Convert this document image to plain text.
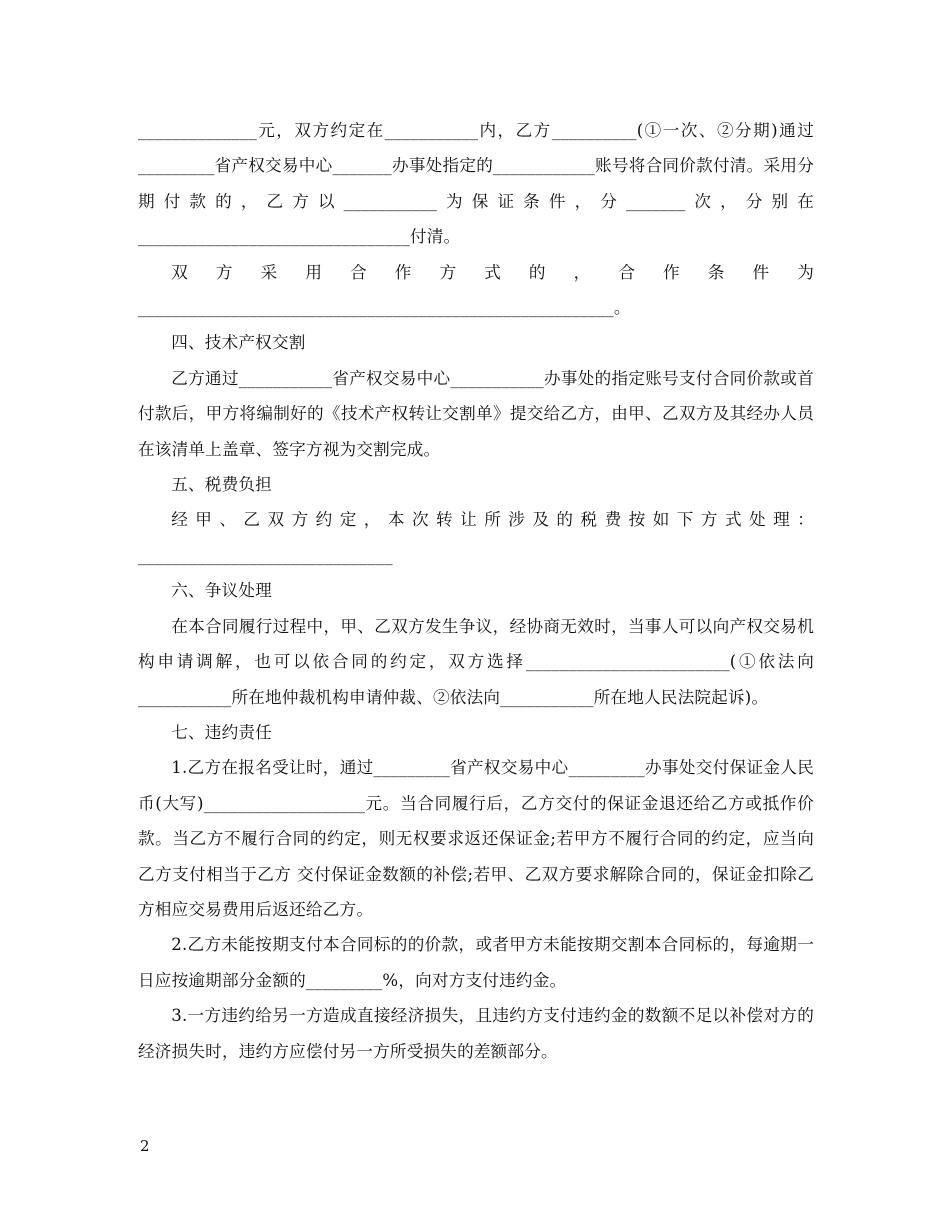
______________元，双方约定在___________内，乙方__________(①一次、②分期)通过_________省产权交易中心_______办事处指定的____________账号将合同价款付清。采用分期付款的，乙方以___________为保证条件，分_______次，分别在________________________________付清。

双方采用合作方式的，合作条件为________________________________________________________。

四、技术产权交割

乙方通过___________省产权交易中心___________办事处的指定账号支付合同价款或首付款后，甲方将编制好的《技术产权转让交割单》提交给乙方，由甲、乙双方及其经办人员在该清单上盖章、签字方视为交割完成。

五、税费负担

经甲、乙双方约定，本次转让所涉及的税费按如下方式处理：______________________________

六、争议处理

在本合同履行过程中，甲、乙双方发生争议，经协商无效时，当事人可以向产权交易机构申请调解，也可以依合同的约定，双方选择________________________(①依法向___________所在地仲裁机构申请仲裁、②依法向___________所在地人民法院起诉)。

七、违约责任

1.乙方在报名受让时，通过_________省产权交易中心_________办事处交付保证金人民币(大写)___________________元。当合同履行后，乙方交付的保证金退还给乙方或抵作价款。当乙方不履行合同的约定，则无权要求返还保证金;若甲方不履行合同的约定，应当向乙方支付相当于乙方 交付保证金数额的补偿;若甲、乙双方要求解除合同的，保证金扣除乙方相应交易费用后返还给乙方。

2.乙方未能按期支付本合同标的的价款，或者甲方未能按期交割本合同标的，每逾期一日应按逾期部分金额的_________%，向对方支付违约金。

3.一方违约给另一方造成直接经济损失，且违约方支付违约金的数额不足以补偿对方的经济损失时，违约方应偿付另一方所受损失的差额部分。

2
